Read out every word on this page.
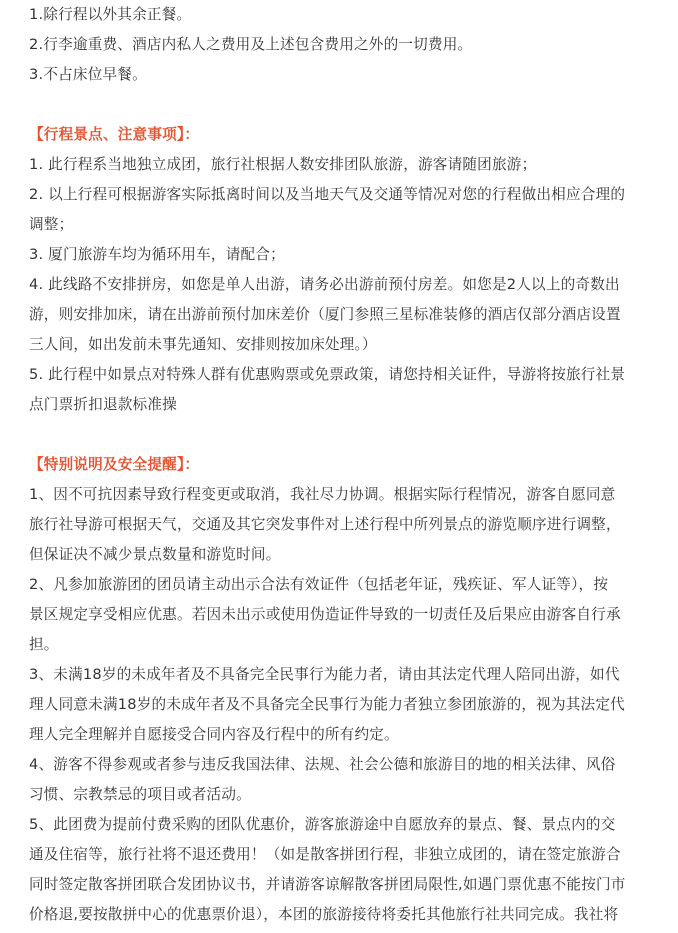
1.除行程以外其余正餐。
2.行李逾重费、酒店内私人之费用及上述包含费用之外的一切费用。
3.不占床位早餐。
【行程景点、注意事项】：
1. 此行程系当地独立成团，旅行社根据人数安排团队旅游，游客请随团旅游；
2. 以上行程可根据游客实际抵离时间以及当地天气及交通等情况对您的行程做出相应合理的
调整；
3. 厦门旅游车均为循环用车，请配合；
4. 此线路不安排拼房，如您是单人出游，请务必出游前预付房差。如您是2人以上的奇数出
游，则安排加床，请在出游前预付加床差价（厦门参照三星标准装修的酒店仅部分酒店设置
三人间，如出发前未事先通知、安排则按加床处理。）
5. 此行程中如景点对特殊人群有优惠购票或免票政策，请您持相关证件，导游将按旅行社景
点门票折扣退款标准操
【特别说明及安全提醒】：
1、因不可抗因素导致行程变更或取消，我社尽力协调。根据实际行程情况，游客自愿同意
旅行社导游可根据天气，交通及其它突发事件对上述行程中所列景点的游览顺序进行调整，
但保证决不减少景点数量和游览时间。
2、凡参加旅游团的团员请主动出示合法有效证件（包括老年证，残疾证、军人证等），按
景区规定享受相应优惠。若因未出示或使用伪造证件导致的一切责任及后果应由游客自行承
担。
3、未满18岁的未成年者及不具备完全民事行为能力者，请由其法定代理人陪同出游，如代
理人同意未满18岁的未成年者及不具备完全民事行为能力者独立参团旅游的，视为其法定代
理人完全理解并自愿接受合同内容及行程中的所有约定。
4、游客不得参观或者参与违反我国法律、法规、社会公德和旅游目的地的相关法律、风俗
习惯、宗教禁忌的项目或者活动。
5、此团费为提前付费采购的团队优惠价，游客旅游途中自愿放弃的景点、餐、景点内的交
通及住宿等，旅行社将不退还费用！（如是散客拼团行程，非独立成团的，请在签定旅游合
同时签定散客拼团联合发团协议书，并请游客谅解散客拼团局限性,如遇门票优惠不能按门市
价格退,要按散拼中心的优惠票价退），本团的旅游接待将委托其他旅行社共同完成。我社将
